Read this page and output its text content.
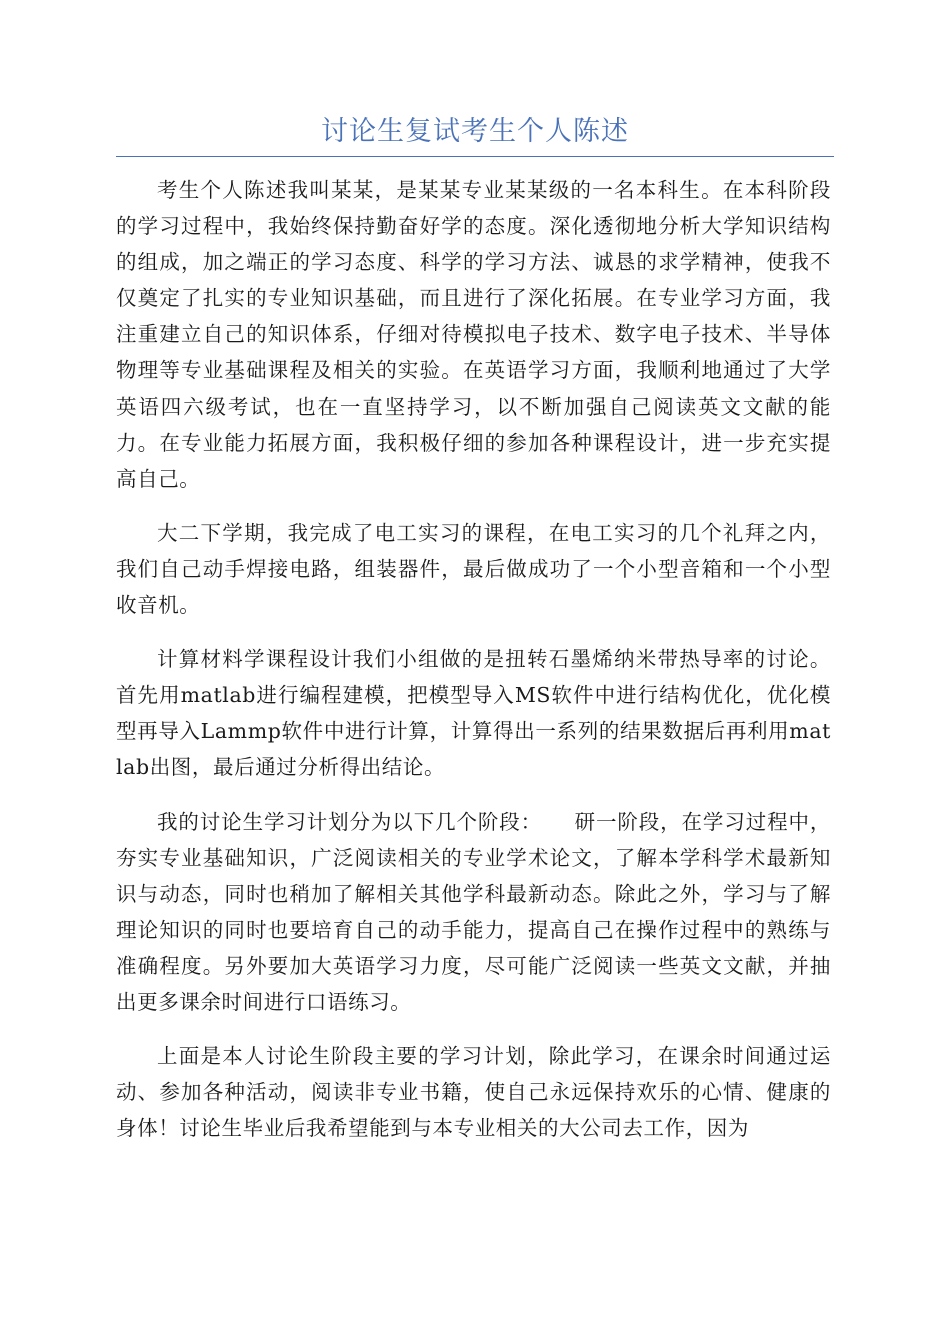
讨论生复试考生个人陈述

考生个人陈述我叫某某，是某某专业某某级的一名本科生。在本科阶段的学习过程中，我始终保持勤奋好学的态度。深化透彻地分析大学知识结构的组成，加之端正的学习态度、科学的学习方法、诚恳的求学精神，使我不仅奠定了扎实的专业知识基础，而且进行了深化拓展。在专业学习方面，我注重建立自己的知识体系，仔细对待模拟电子技术、数字电子技术、半导体物理等专业基础课程及相关的实验。在英语学习方面，我顺利地通过了大学英语四六级考试，也在一直坚持学习，以不断加强自己阅读英文文献的能力。在专业能力拓展方面，我积极仔细的参加各种课程设计，进一步充实提高自己。

大二下学期，我完成了电工实习的课程，在电工实习的几个礼拜之内，我们自己动手焊接电路，组装器件，最后做成功了一个小型音箱和一个小型收音机。

计算材料学课程设计我们小组做的是扭转石墨烯纳米带热导率的讨论。首先用matlab进行编程建模，把模型导入MS软件中进行结构优化，优化模型再导入Lammp软件中进行计算，计算得出一系列的结果数据后再利用matlab出图，最后通过分析得出结论。

我的讨论生学习计划分为以下几个阶段：　　研一阶段，在学习过程中，夯实专业基础知识，广泛阅读相关的专业学术论文，了解本学科学术最新知识与动态，同时也稍加了解相关其他学科最新动态。除此之外，学习与了解理论知识的同时也要培育自己的动手能力，提高自己在操作过程中的熟练与准确程度。另外要加大英语学习力度，尽可能广泛阅读一些英文文献，并抽出更多课余时间进行口语练习。

上面是本人讨论生阶段主要的学习计划，除此学习，在课余时间通过运动、参加各种活动，阅读非专业书籍，使自己永远保持欢乐的心情、健康的身体！讨论生毕业后我希望能到与本专业相关的大公司去工作，因为
